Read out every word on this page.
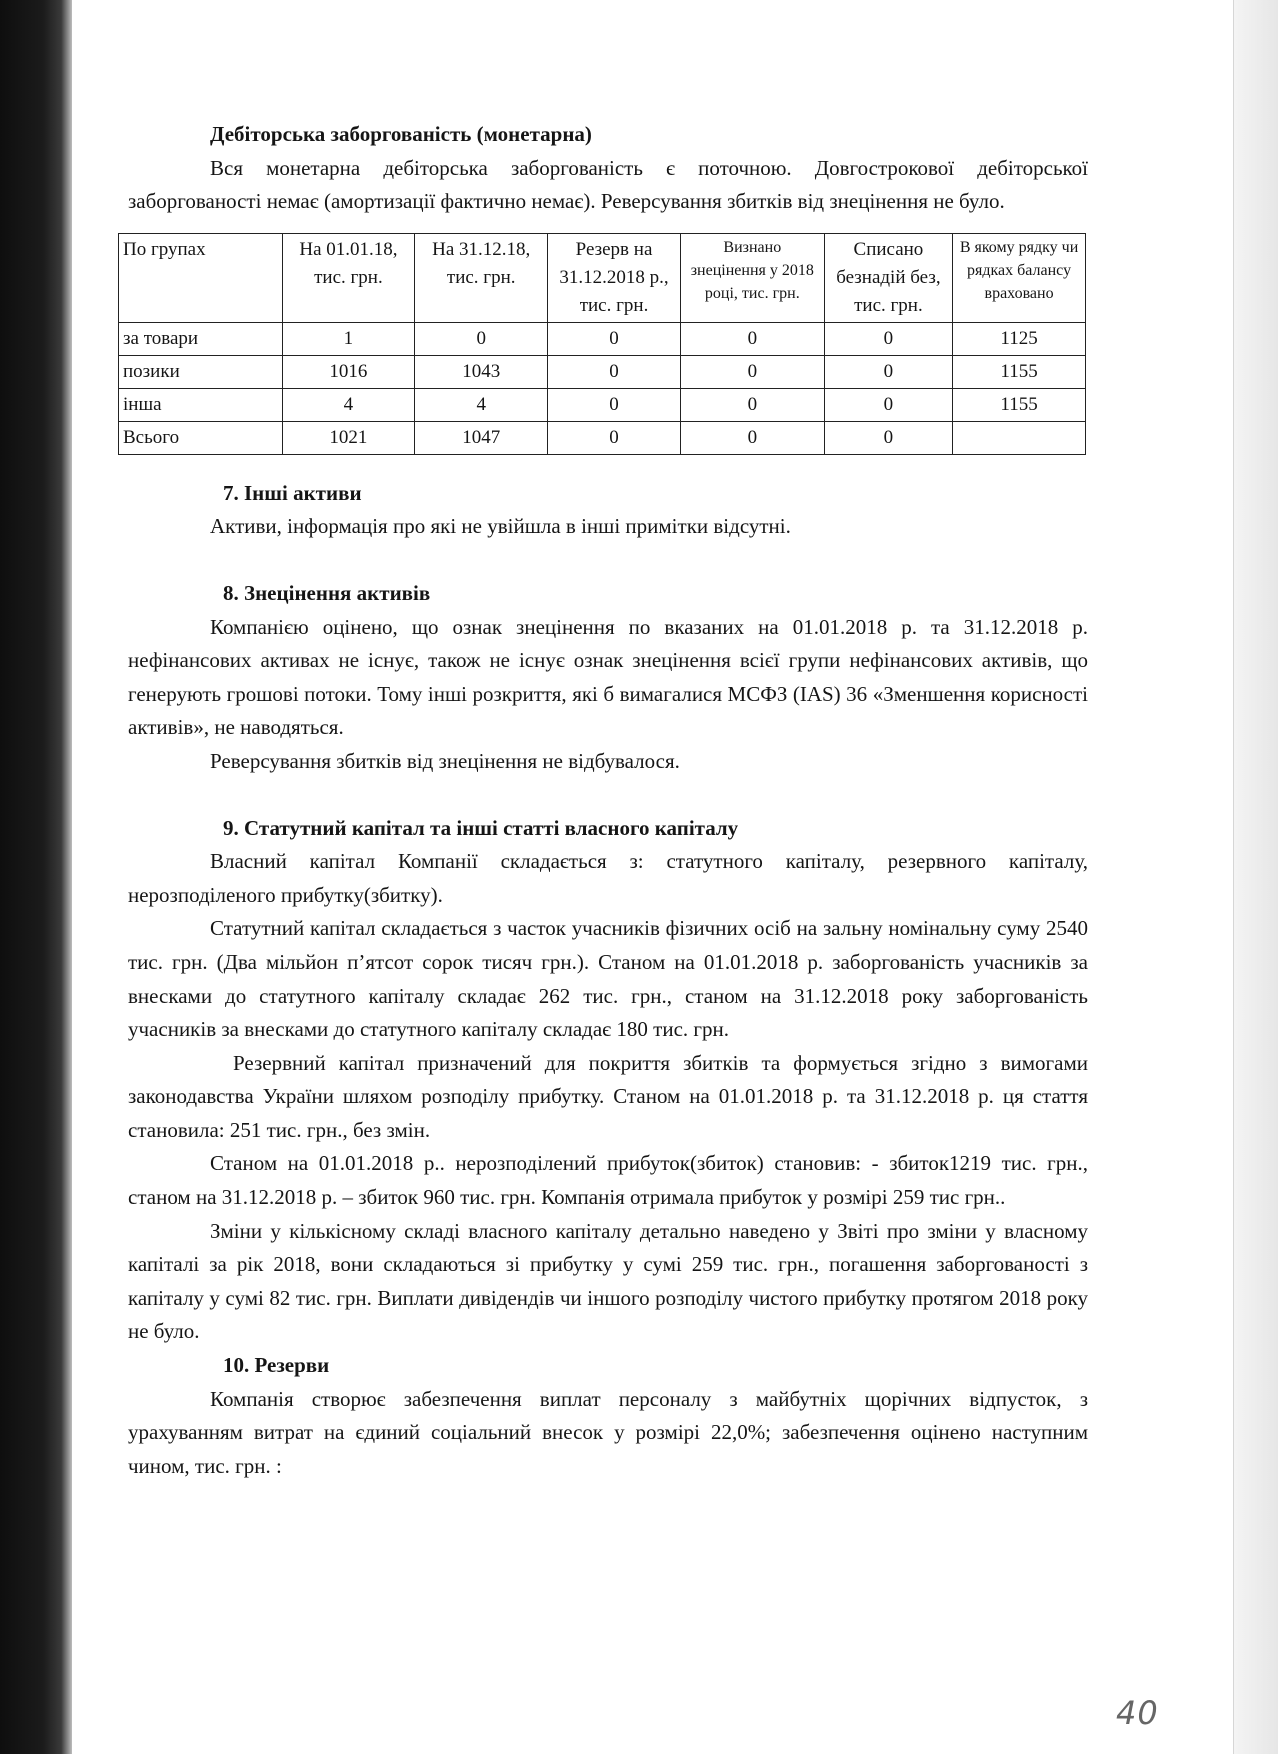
Дебіторська заборгованість (монетарна)

Вся монетарна дебіторська заборгованість є поточною. Довгострокової дебіторської заборгованості немає (амортизації фактично немає). Реверсування збитків від знецінення не було.

По групах	На 01.01.18, тис. грн.	На 31.12.18, тис. грн.	Резерв на 31.12.2018 р., тис. грн.	Визнано знецінення у 2018 році, тис. грн.	Списано безнадій без, тис. грн.	В якому рядку чи рядках балансу враховано
за товари	1	0	0	0	0	1125
позики	1016	1043	0	0	0	1155
інша	4	4	0	0	0	1155
Всього	1021	1047	0	0	0	

7. Інші активи

Активи, інформація про які не увійшла в інші примітки відсутні.

8. Знецінення активів

Компанією оцінено, що ознак знецінення по вказаних на 01.01.2018 р. та 31.12.2018 р. нефінансових активах не існує, також не існує ознак знецінення всієї групи нефінансових активів, що генерують грошові потоки. Тому інші розкриття, які б вимагалися МСФЗ (IAS) 36 «Зменшення корисності активів», не наводяться.

Реверсування збитків від знецінення не відбувалося.

9. Статутний капітал та інші статті власного капіталу

Власний капітал Компанії складається з: статутного капіталу, резервного капіталу, нерозподіленого прибутку(збитку).

Статутний капітал складається з часток учасників фізичних осіб на зальну номінальну суму 2540 тис. грн. (Два мільйон п’ятсот сорок тисяч грн.). Станом на 01.01.2018 р. заборгованість учасників за внесками до статутного капіталу складає 262 тис. грн., станом на 31.12.2018 року заборгованість учасників за внесками до статутного капіталу складає 180 тис. грн.

Резервний капітал призначений для покриття збитків та формується згідно з вимогами законодавства України шляхом розподілу прибутку. Станом на 01.01.2018 р. та 31.12.2018 р. ця стаття становила: 251 тис. грн., без змін.

Станом на 01.01.2018 р.. нерозподілений прибуток(збиток) становив: - збиток1219 тис. грн., станом на 31.12.2018 р. – збиток 960 тис. грн. Компанія отримала прибуток у розмірі 259 тис грн..

Зміни у кількісному складі власного капіталу детально наведено у Звіті про зміни у власному капіталі за рік 2018, вони складаються зі прибутку у сумі 259 тис. грн., погашення заборгованості з капіталу у сумі 82 тис. грн. Виплати дивідендів чи іншого розподілу чистого прибутку протягом 2018 року не було.

10. Резерви

Компанія створює забезпечення виплат персоналу з майбутніх щорічних відпусток, з урахуванням витрат на єдиний соціальний внесок у розмірі 22,0%; забезпечення оцінено наступним чином, тис. грн. :

40
